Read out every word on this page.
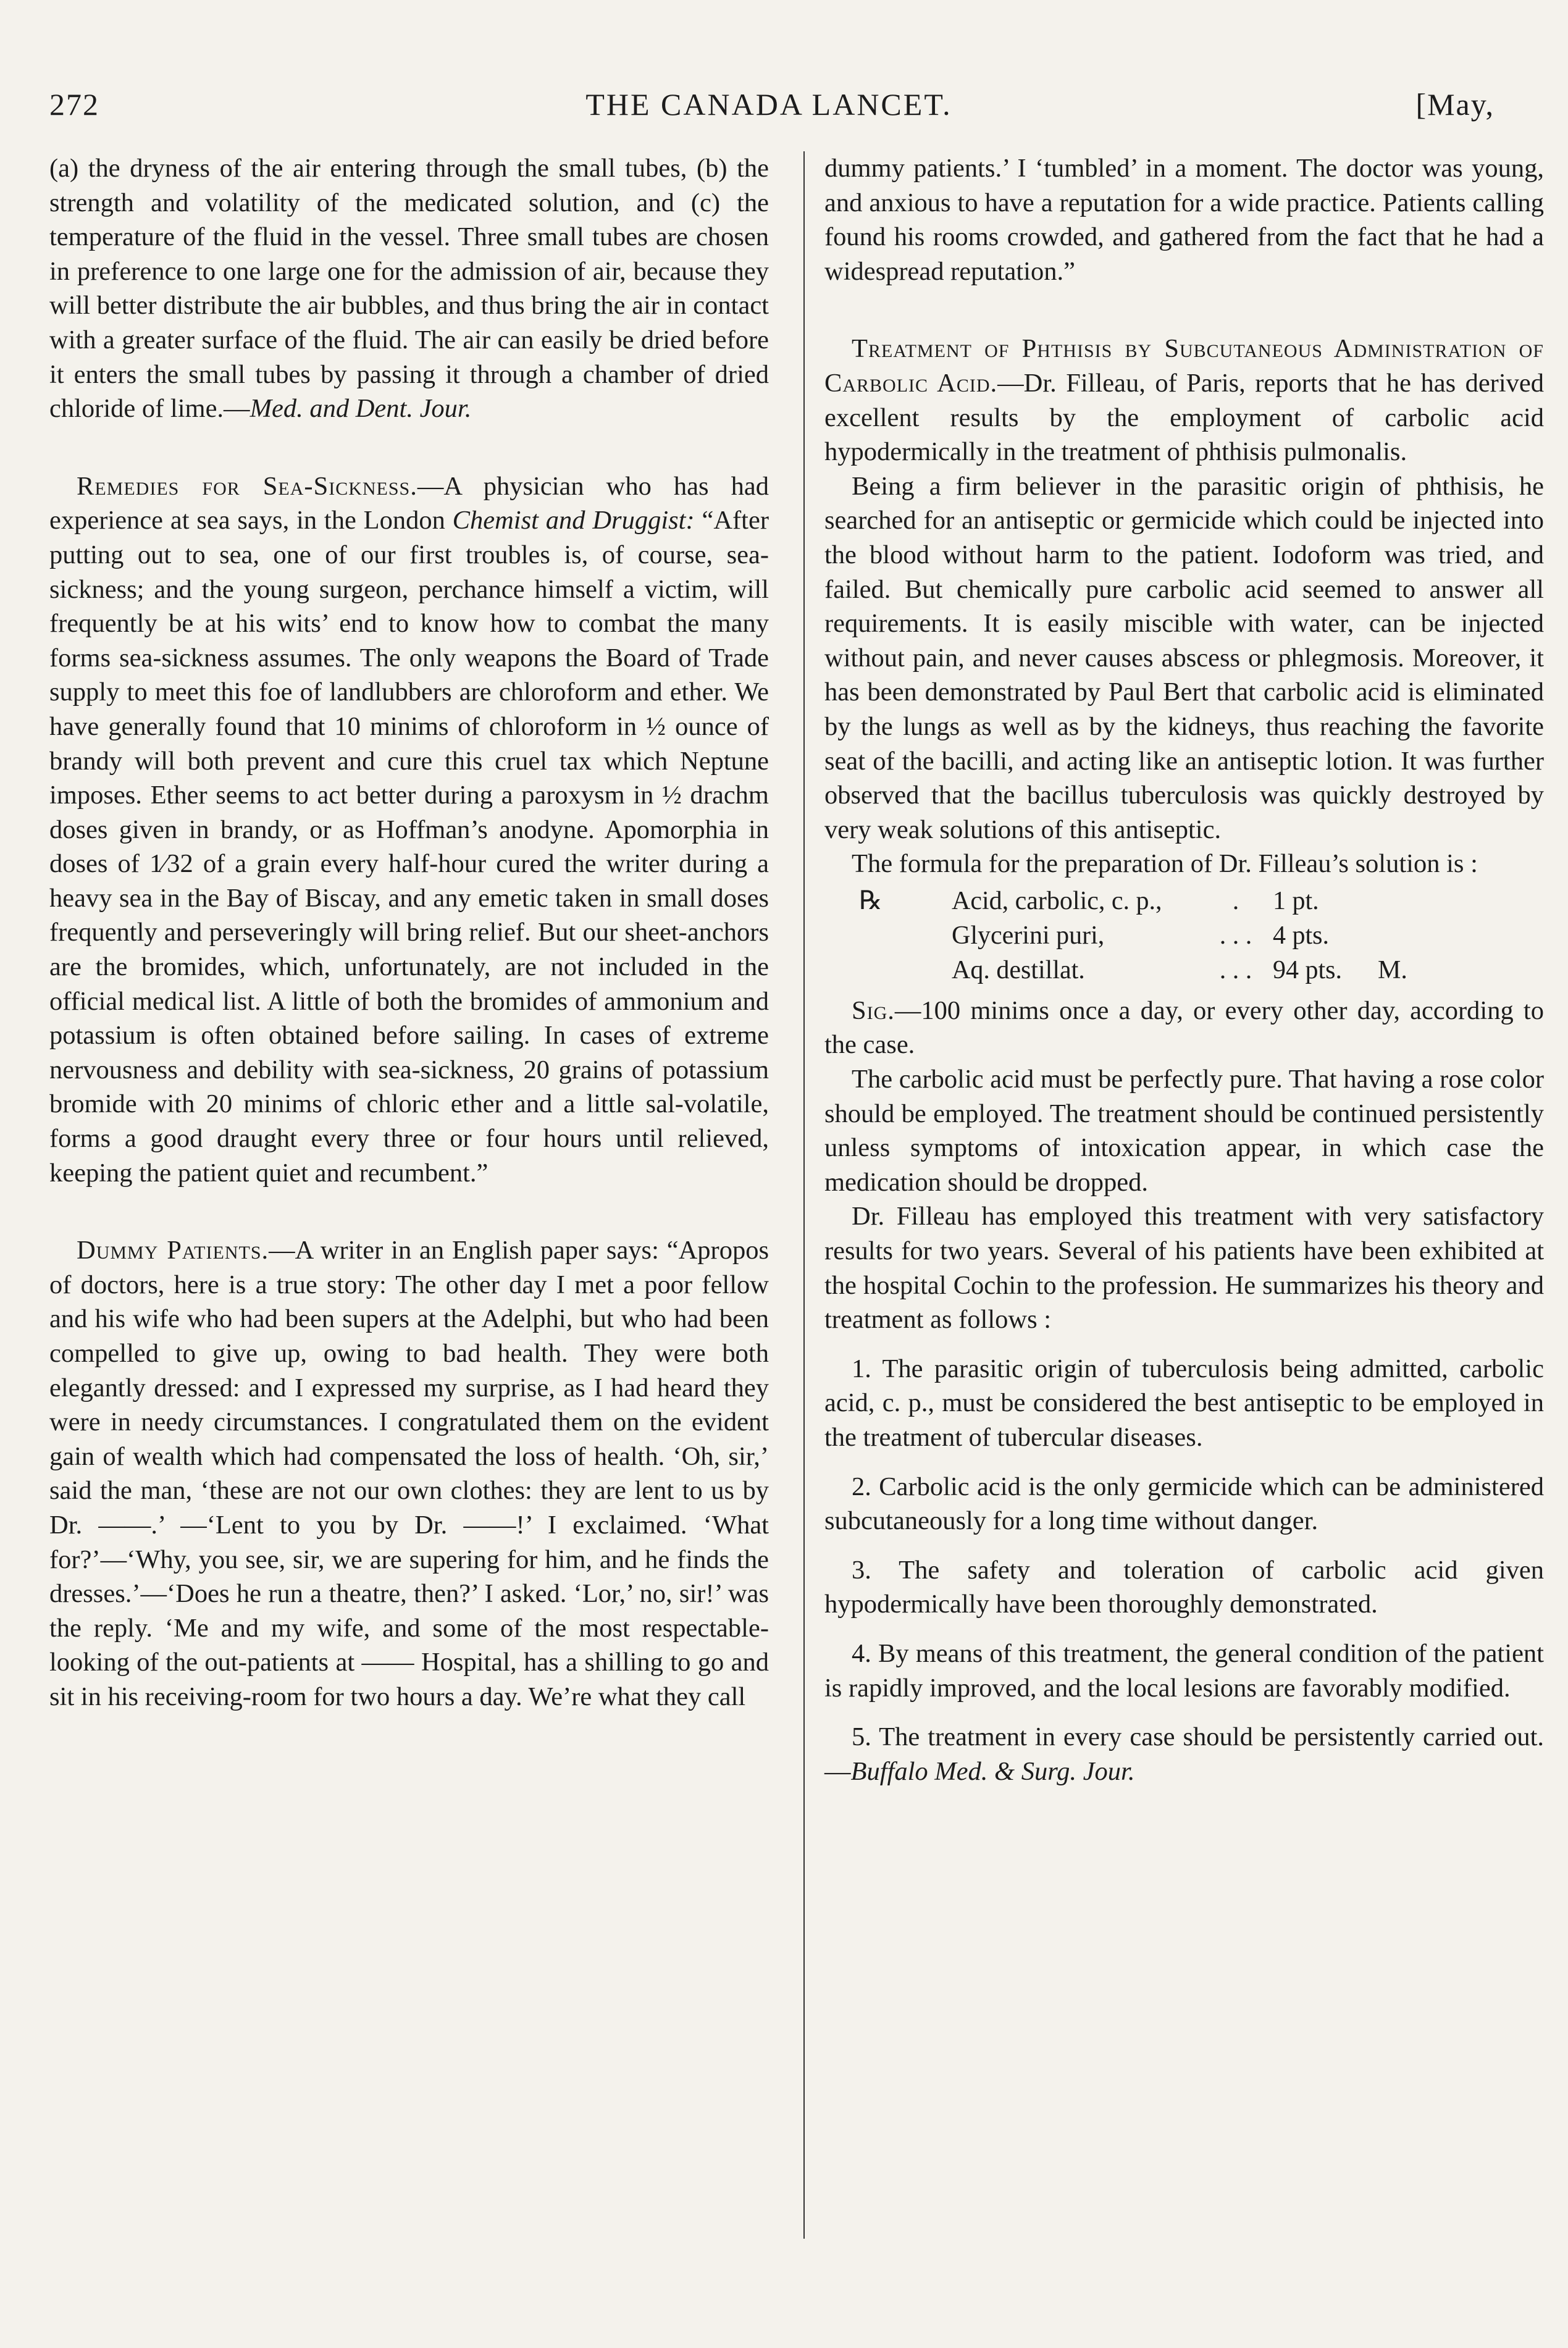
272	THE CANADA LANCET.	[May,

(a) the dryness of the air entering through the small tubes, (b) the strength and volatility of the medicated solution, and (c) the temperature of the fluid in the vessel. Three small tubes are chosen in preference to one large one for the admission of air, because they will better distribute the air bubbles, and thus bring the air in contact with a greater surface of the fluid. The air can easily be dried before it enters the small tubes by passing it through a chamber of dried chloride of lime.—Med. and Dent. Jour.

Remedies for Sea-Sickness.—A physician who has had experience at sea says, in the London Chemist and Druggist: “After putting out to sea, one of our first troubles is, of course, sea-sickness; and the young surgeon, perchance himself a victim, will frequently be at his wits’ end to know how to combat the many forms sea-sickness assumes. The only weapons the Board of Trade supply to meet this foe of landlubbers are chloroform and ether. We have generally found that 10 minims of chloroform in ½ ounce of brandy will both prevent and cure this cruel tax which Neptune imposes. Ether seems to act better during a paroxysm in ½ drachm doses given in brandy, or as Hoffman’s anodyne. Apomorphia in doses of 1⁄32 of a grain every half-hour cured the writer during a heavy sea in the Bay of Biscay, and any emetic taken in small doses frequently and perseveringly will bring relief. But our sheet-anchors are the bromides, which, unfortunately, are not included in the official medical list. A little of both the bromides of ammonium and potassium is often obtained before sailing. In cases of extreme nervousness and debility with sea-sickness, 20 grains of potassium bromide with 20 minims of chloric ether and a little sal-volatile, forms a good draught every three or four hours until relieved, keeping the patient quiet and recumbent.”

Dummy Patients.—A writer in an English paper says: “Apropos of doctors, here is a true story: The other day I met a poor fellow and his wife who had been supers at the Adelphi, but who had been compelled to give up, owing to bad health. They were both elegantly dressed: and I expressed my surprise, as I had heard they were in needy circumstances. I congratulated them on the evident gain of wealth which had compensated the loss of health. ‘Oh, sir,’ said the man, ‘these are not our own clothes: they are lent to us by Dr. ——.’ —‘Lent to you by Dr. ——!’ I exclaimed. ‘What for?’—‘Why, you see, sir, we are supering for him, and he finds the dresses.’—‘Does he run a theatre, then?’ I asked. ‘Lor,’ no, sir!’ was the reply. ‘Me and my wife, and some of the most respectable-looking of the out-patients at —— Hospital, has a shilling to go and sit in his receiving-room for two hours a day. We’re what they call

dummy patients.’ I ‘tumbled’ in a moment. The doctor was young, and anxious to have a reputation for a wide practice. Patients calling found his rooms crowded, and gathered from the fact that he had a widespread reputation.”

Treatment of Phthisis by Subcutaneous Administration of Carbolic Acid.—Dr. Filleau, of Paris, reports that he has derived excellent results by the employment of carbolic acid hypodermically in the treatment of phthisis pulmonalis.

Being a firm believer in the parasitic origin of phthisis, he searched for an antiseptic or germicide which could be injected into the blood without harm to the patient. Iodoform was tried, and failed. But chemically pure carbolic acid seemed to answer all requirements. It is easily miscible with water, can be injected without pain, and never causes abscess or phlegmosis. Moreover, it has been demonstrated by Paul Bert that carbolic acid is eliminated by the lungs as well as by the kidneys, thus reaching the favorite seat of the bacilli, and acting like an antiseptic lotion. It was further observed that the bacillus tuberculosis was quickly destroyed by very weak solutions of this antiseptic.

The formula for the preparation of Dr. Filleau’s solution is :

℞	Acid, carbolic, c. p.,	.	1 pt.
Glycerini puri,	. . . 4 pts.
Aq. destillat.	. . . 94 pts.	M.

Sig.—100 minims once a day, or every other day, according to the case.

The carbolic acid must be perfectly pure. That having a rose color should be employed. The treatment should be continued persistently unless symptoms of intoxication appear, in which case the medication should be dropped.

Dr. Filleau has employed this treatment with very satisfactory results for two years. Several of his patients have been exhibited at the hospital Cochin to the profession. He summarizes his theory and treatment as follows :

1. The parasitic origin of tuberculosis being admitted, carbolic acid, c. p., must be considered the best antiseptic to be employed in the treatment of tubercular diseases.

2. Carbolic acid is the only germicide which can be administered subcutaneously for a long time without danger.

3. The safety and toleration of carbolic acid given hypodermically have been thoroughly demonstrated.

4. By means of this treatment, the general condition of the patient is rapidly improved, and the local lesions are favorably modified.

5. The treatment in every case should be persistently carried out.—Buffalo Med. & Surg. Jour.
